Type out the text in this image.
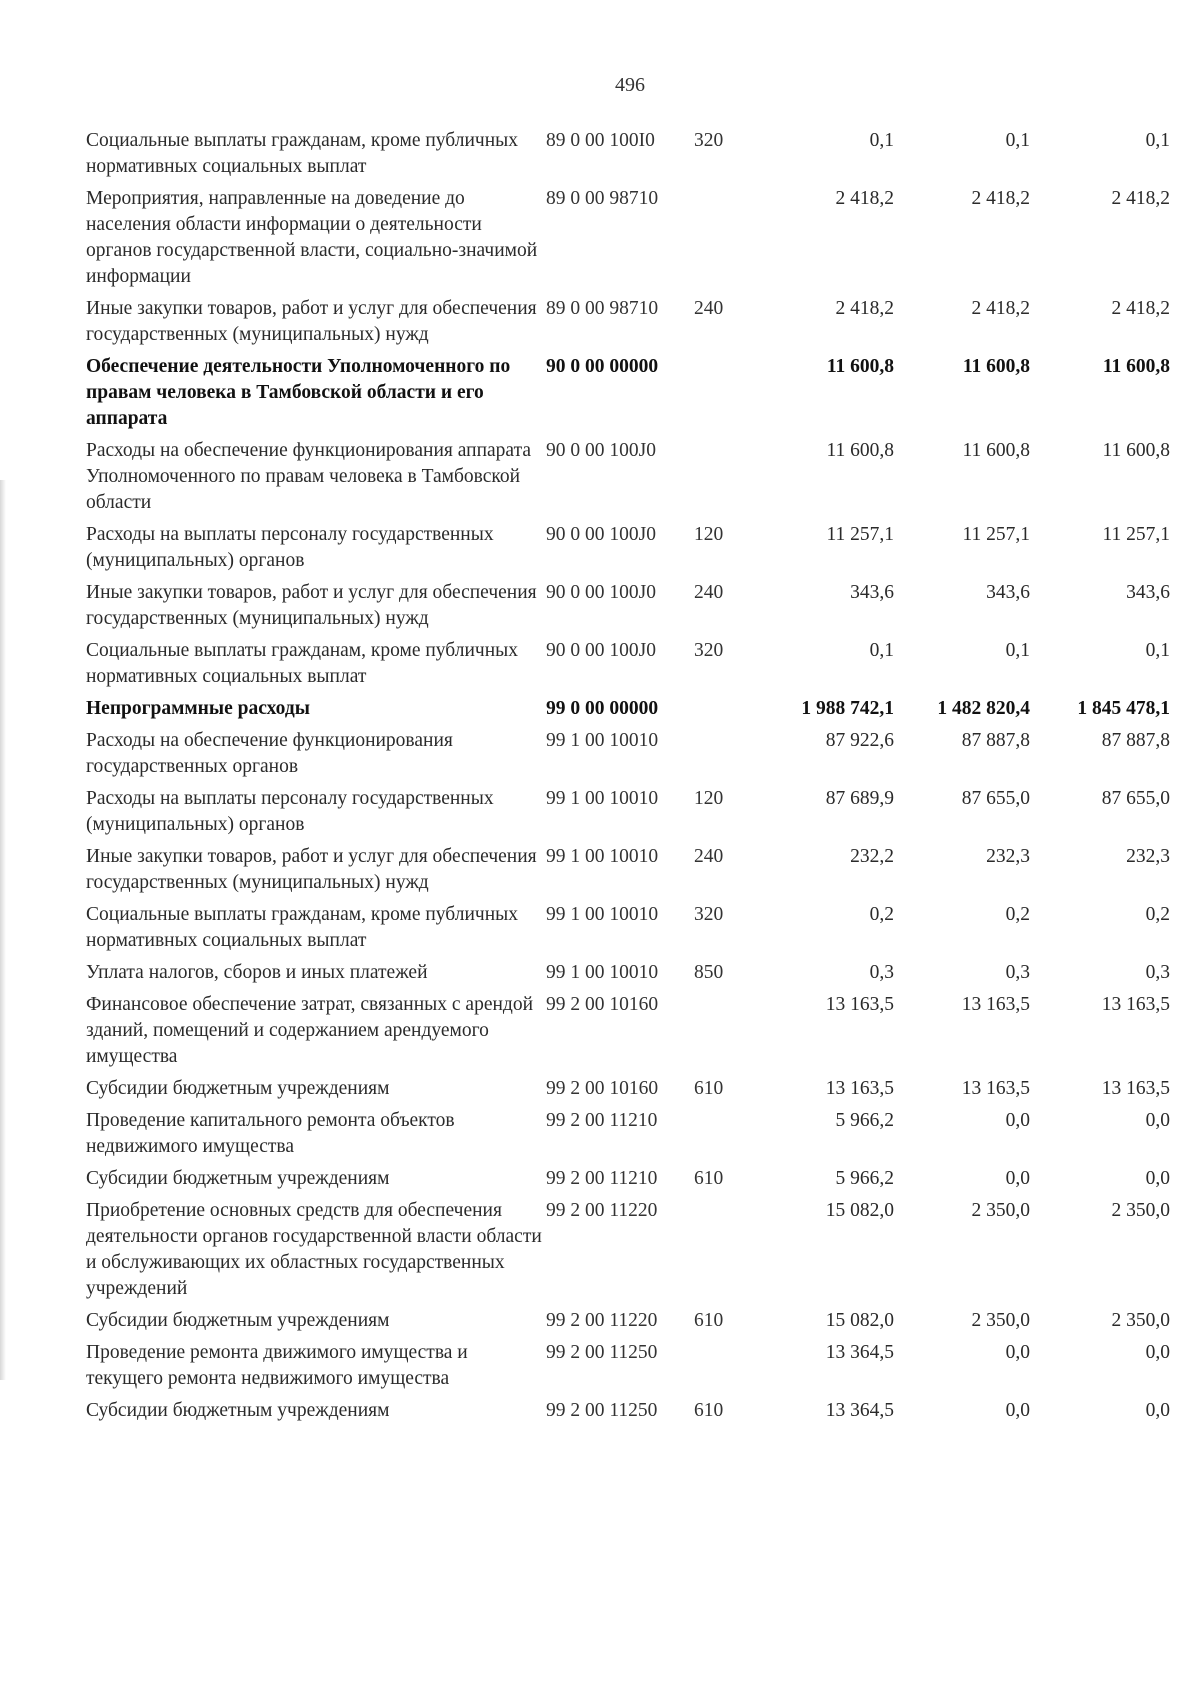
496
Социальные выплаты гражданам, кроме публичных нормативных социальных выплат	89 0 00 100I0	320	0,1	0,1	0,1
Мероприятия, направленные на доведение до населения области информации о деятельности органов государственной власти, социально-значимой информации	89 0 00 98710		2 418,2	2 418,2	2 418,2
Иные закупки товаров, работ и услуг для обеспечения государственных (муниципальных) нужд	89 0 00 98710	240	2 418,2	2 418,2	2 418,2
Обеспечение деятельности Уполномоченного по правам человека в Тамбовской области и его аппарата	90 0 00 00000		11 600,8	11 600,8	11 600,8
Расходы на обеспечение функционирования аппарата Уполномоченного по правам человека в Тамбовской области	90 0 00 100J0		11 600,8	11 600,8	11 600,8
Расходы на выплаты персоналу государственных (муниципальных) органов	90 0 00 100J0	120	11 257,1	11 257,1	11 257,1
Иные закупки товаров, работ и услуг для обеспечения государственных (муниципальных) нужд	90 0 00 100J0	240	343,6	343,6	343,6
Социальные выплаты гражданам, кроме публичных нормативных социальных выплат	90 0 00 100J0	320	0,1	0,1	0,1
Непрограммные расходы	99 0 00 00000		1 988 742,1	1 482 820,4	1 845 478,1
Расходы на обеспечение функционирования государственных органов	99 1 00 10010		87 922,6	87 887,8	87 887,8
Расходы на выплаты персоналу государственных (муниципальных) органов	99 1 00 10010	120	87 689,9	87 655,0	87 655,0
Иные закупки товаров, работ и услуг для обеспечения государственных (муниципальных) нужд	99 1 00 10010	240	232,2	232,3	232,3
Социальные выплаты гражданам, кроме публичных нормативных социальных выплат	99 1 00 10010	320	0,2	0,2	0,2
Уплата налогов, сборов и иных платежей	99 1 00 10010	850	0,3	0,3	0,3
Финансовое обеспечение затрат, связанных с арендой зданий, помещений и содержанием арендуемого имущества	99 2 00 10160		13 163,5	13 163,5	13 163,5
Субсидии бюджетным учреждениям	99 2 00 10160	610	13 163,5	13 163,5	13 163,5
Проведение капитального ремонта объектов недвижимого имущества	99 2 00 11210		5 966,2	0,0	0,0
Субсидии бюджетным учреждениям	99 2 00 11210	610	5 966,2	0,0	0,0
Приобретение основных средств для обеспечения деятельности органов государственной власти области и обслуживающих их областных государственных учреждений	99 2 00 11220		15 082,0	2 350,0	2 350,0
Субсидии бюджетным учреждениям	99 2 00 11220	610	15 082,0	2 350,0	2 350,0
Проведение ремонта движимого имущества и текущего ремонта недвижимого имущества	99 2 00 11250		13 364,5	0,0	0,0
Субсидии бюджетным учреждениям	99 2 00 11250	610	13 364,5	0,0	0,0
